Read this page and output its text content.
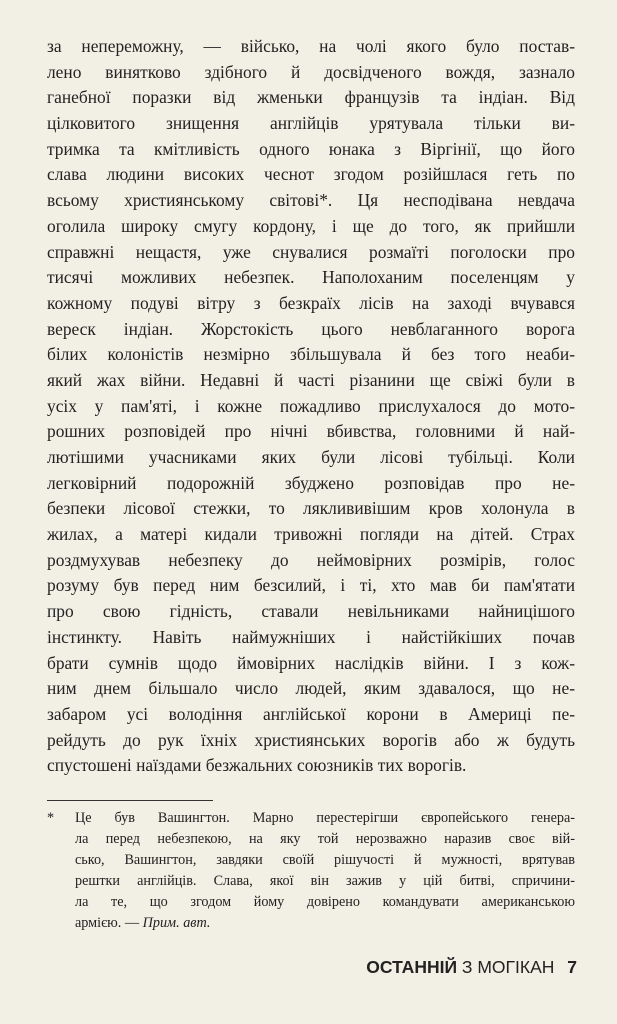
за непереможну, — військо, на чолі якого було постав-
лено винятково здібного й досвідченого вождя, зазнало
ганебної поразки від жменьки французів та індіан. Від
цілковитого знищення англійців урятувала тільки ви-
тримка та кмітливість одного юнака з Віргінії, що його
слава людини високих чеснот згодом розійшлася геть по
всьому християнському світові*. Ця несподівана невдача
оголила широку смугу кордону, і ще до того, як прийшли
справжні нещастя, уже снувалися розмаїті поголоски про
тисячі можливих небезпек. Наполоханим поселенцям у
кожному подуві вітру з безкраїх лісів на заході вчувався
вереск індіан. Жорстокість цього невблаганного ворога
білих колоністів незмірно збільшувала й без того неаби-
який жах війни. Недавні й часті різанини ще свіжі були в
усіх у пам'яті, і кожне пожадливо прислухалося до мото-
рошних розповідей про нічні вбивства, головними й най-
лютішими учасниками яких були лісові тубільці. Коли
легковірний подорожній збуджено розповідав про не-
безпеки лісової стежки, то ляклививішим кров холонула в
жилах, а матері кидали тривожні погляди на дітей. Страх
роздмухував небезпеку до неймовірних розмірів, голос
розуму був перед ним безсилий, і ті, хто мав би пам'ятати
про свою гідність, ставали невільниками найницішого
інстинкту. Навіть наймужніших і найстійкіших почав
брати сумнів щодо ймовірних наслідків війни. І з кож-
ним днем більшало число людей, яким здавалося, що не-
забаром усі володіння англійської корони в Америці пе-
рейдуть до рук їхніх християнських ворогів або ж будуть
спустошені наїздами безжальних союзників тих ворогів.
*	Це був Вашингтон. Марно перестерігши європейського генера-
ла перед небезпекою, на яку той нерозважно наразив своє вій-
сько, Вашингтон, завдяки своїй рішучості й мужності, врятував
рештки англійців. Слава, якої він зажив у цій битві, спричини-
ла те, що згодом йому довірено командувати американською
армією. — Прим. авт.
ОСТАННІЙ З МОГІКАН 7
